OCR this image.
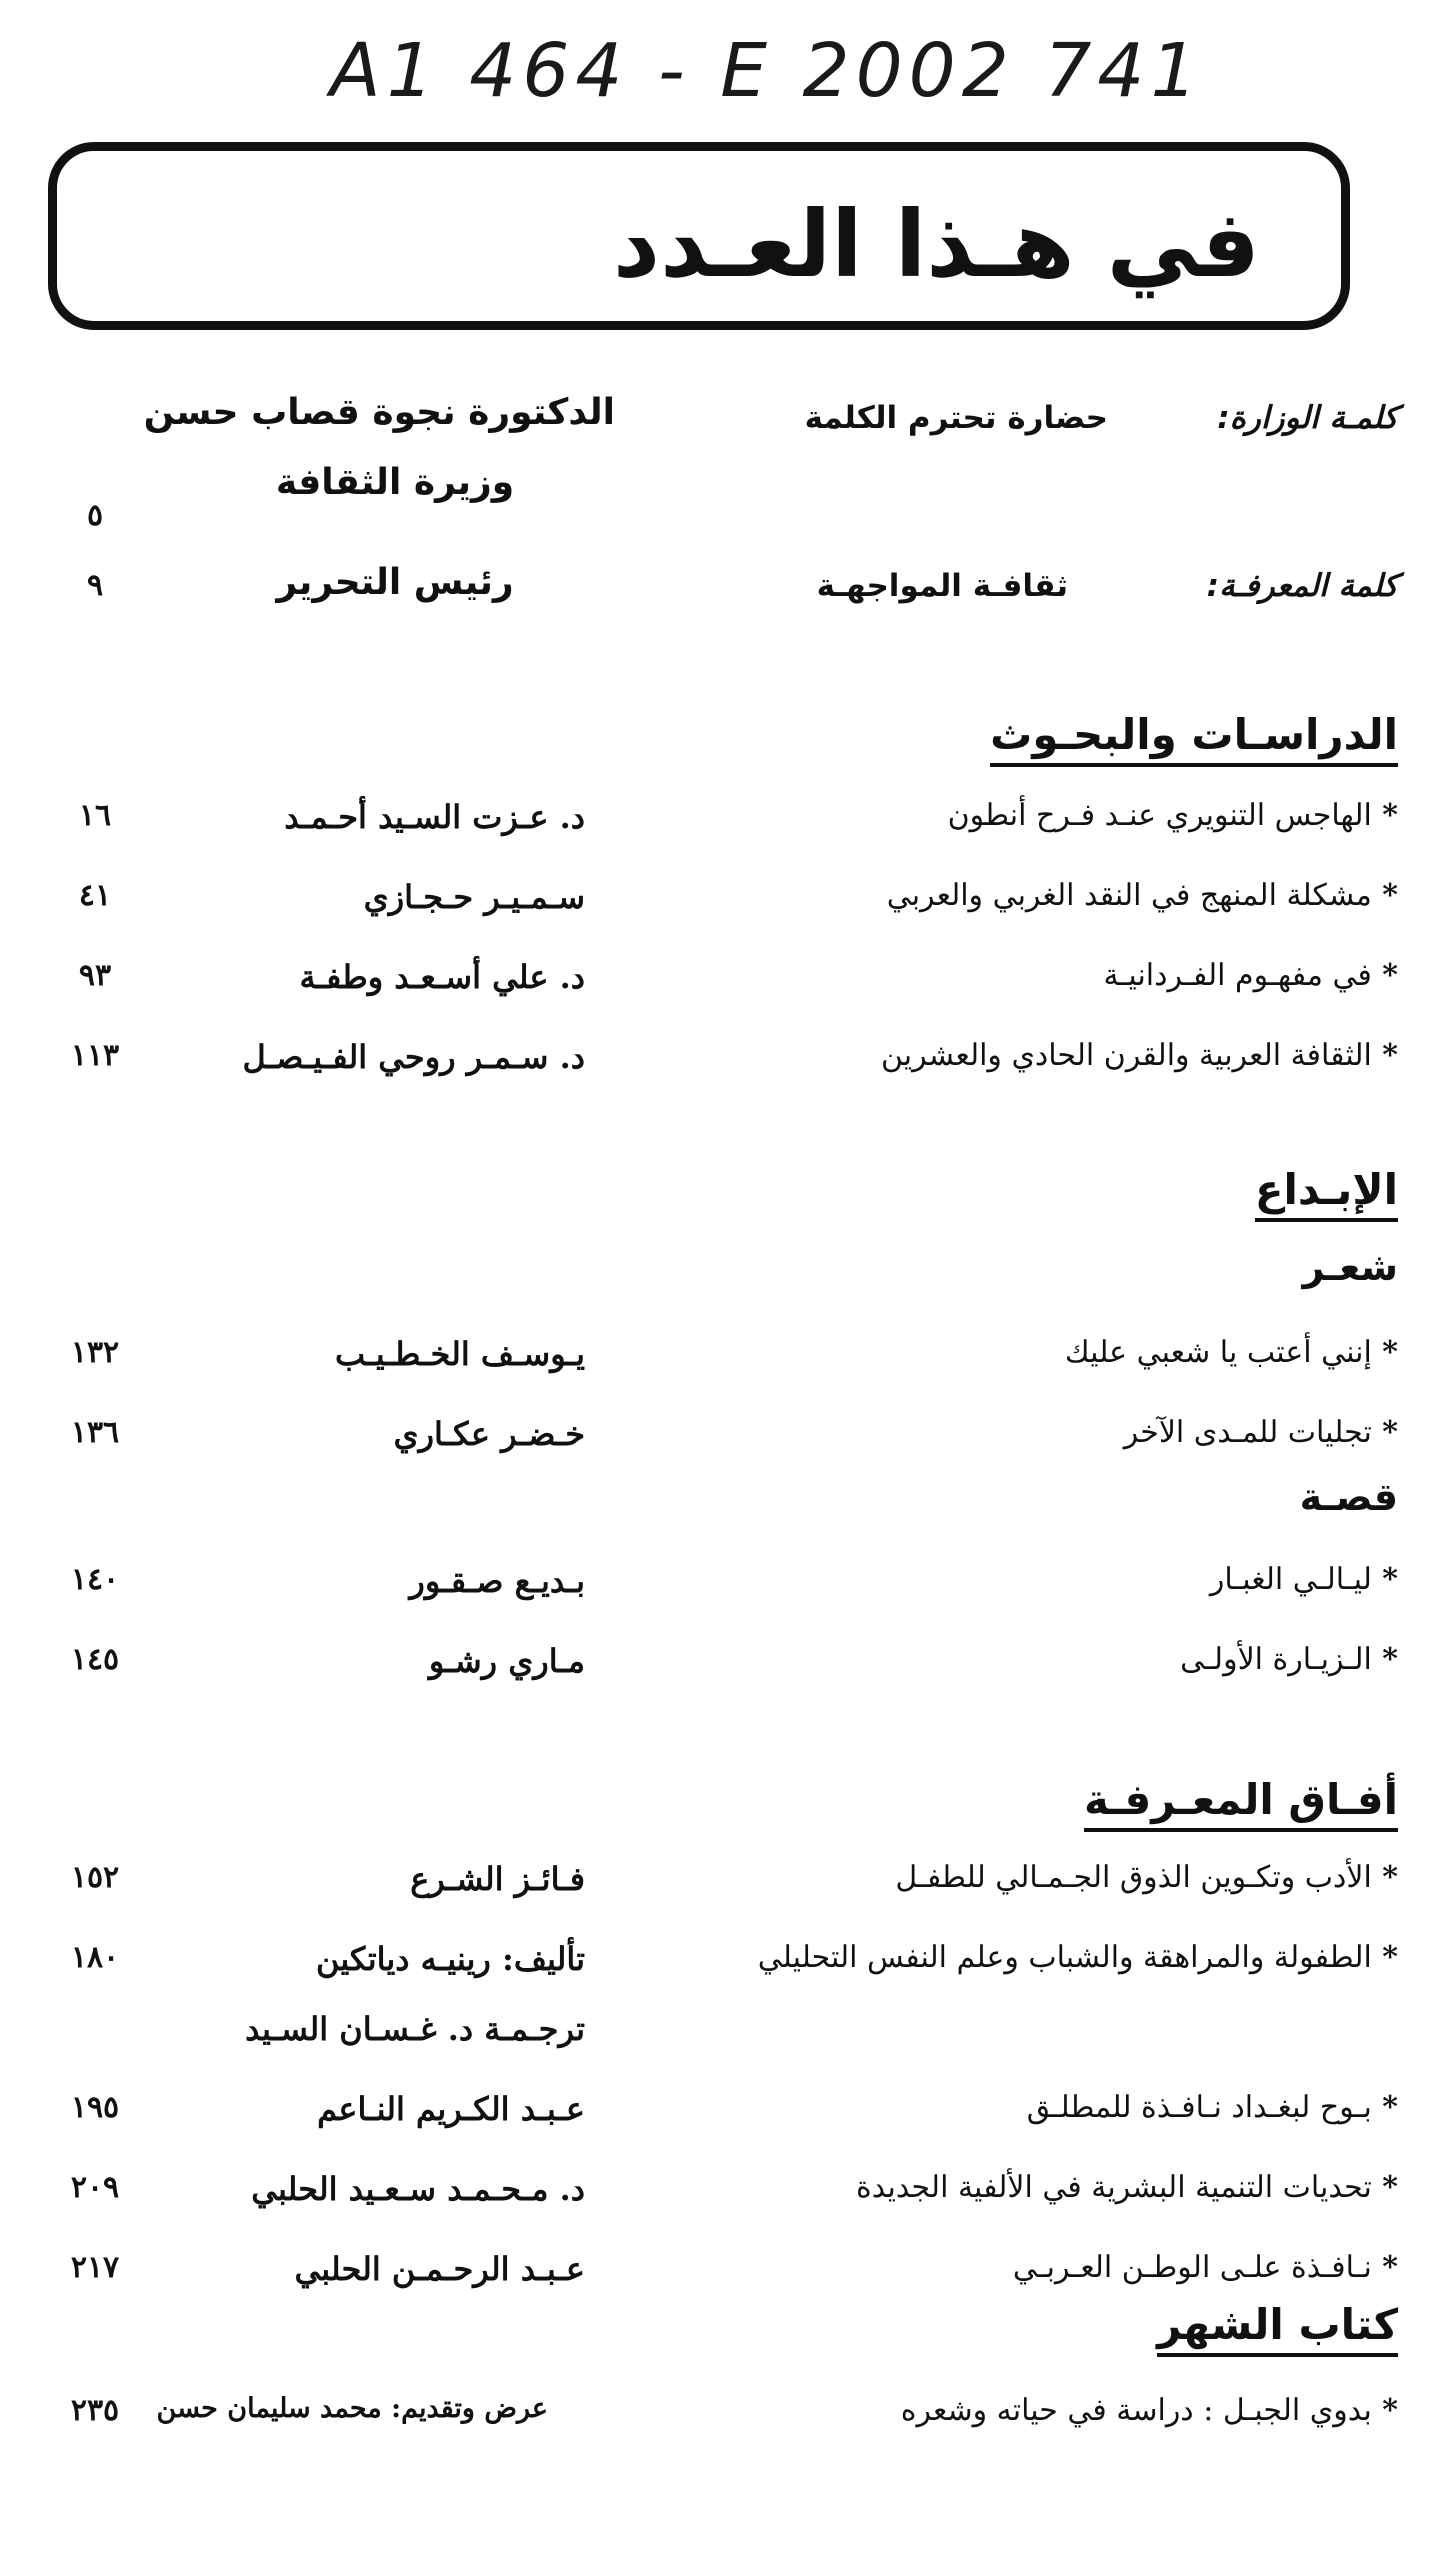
A1 464 - E 2002 741
في هـذا العـدد
كلمـة الوزارة:
حضارة تحترم الكلمة
الدكتورة نجوة قصاب حسن
وزيرة الثقافة
٥
كلمة المعرفـة:
ثقافـة المواجهـة
رئيس التحرير
٩
الدراسـات والبحـوث
* الهاجس التنويري عنـد فـرح أنطون
د. عـزت السـيد أحـمـد
١٦
* مشكلة المنهج في النقد الغربي والعربي
سـمـيـر حـجـازي
٤١
* في مفهـوم الفـردانيـة
د. علي أسـعـد وطفـة
٩٣
* الثقافة العربية والقرن الحادي والعشرين
د. سـمـر روحي الفـيـصـل
١١٣
الإبـداع
شعـر
* إنني أعتب يا شعبي عليك
يـوسـف الخـطـيـب
١٣٢
* تجليات للمـدى الآخر
خـضـر عكـاري
١٣٦
قصـة
* ليـالـي الغبـار
بـديـع صـقـور
١٤٠
* الـزيـارة الأولـى
مـاري رشـو
١٤٥
أفـاق المعـرفـة
* الأدب وتكـوين الذوق الجـمـالي للطفـل
فـائـز الشـرع
١٥٢
* الطفولة والمراهقة والشباب وعلم النفس التحليلي
تأليف: رينيـه دياتكين
١٨٠
ترجـمـة د. غـسـان السـيد
* بـوح لبغـداد نـافـذة للمطلـق
عـبـد الكـريم النـاعم
١٩٥
* تحديات التنمية البشرية في الألفية الجديدة
د. مـحـمـد سـعـيد الحلبي
٢٠٩
* نـافـذة علـى الوطـن العـربـي
عـبـد الرحـمـن الحلبي
٢١٧
كتاب الشهر
* بدوي الجبـل : دراسة في حياته وشعره
عرض وتقديم: محمد سليمان حسن
٢٣٥
